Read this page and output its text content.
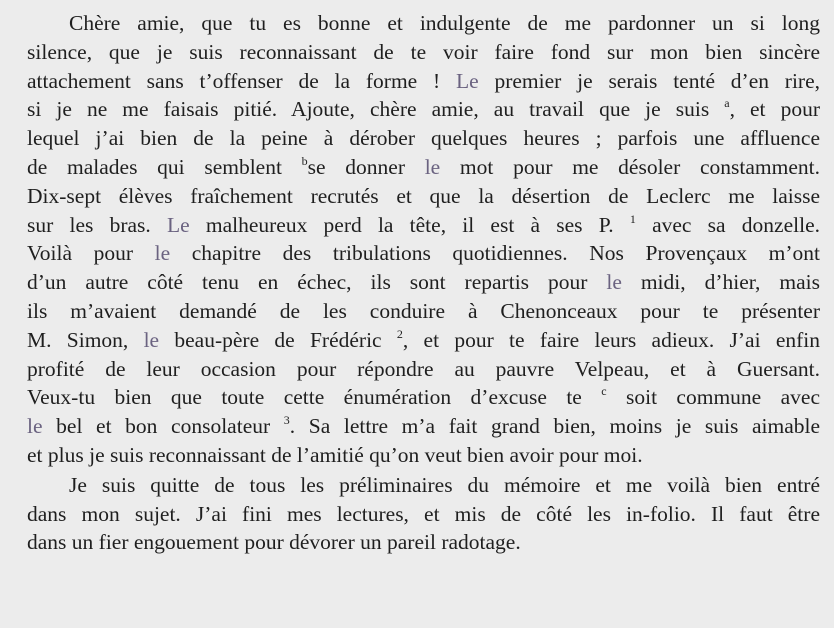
Chère amie, que tu es bonne et indulgente de me pardonner un si long
silence, que je suis reconnaissant de te voir faire fond sur mon bien sincère
attachement sans t’offenser de la forme ! Le premier je serais tenté d’en rire,
si je ne me faisais pitié. Ajoute, chère amie, au travail que je suis $^a$, et pour
lequel j’ai bien de la peine à dérober quelques heures ; parfois une affluence
de malades qui semblent $^b$se donner le mot pour me désoler constamment.
Dix-sept élèves fraîchement recrutés et que la désertion de Leclerc me laisse
sur les bras. Le malheureux perd la tête, il est à ses P. $^1$ avec sa donzelle.
Voilà pour le chapitre des tribulations quotidiennes. Nos Provençaux m’ont
d’un autre côté tenu en échec, ils sont repartis pour le midi, d’hier, mais
ils m’avaient demandé de les conduire à Chenonceaux pour te présenter
M. Simon, le beau-père de Frédéric $^2$, et pour te faire leurs adieux. J’ai enfin
profité de leur occasion pour répondre au pauvre Velpeau, et à Guersant.
Veux-tu bien que toute cette énumération d’excuse te $^c$ soit commune avec
le bel et bon consolateur $^3$. Sa lettre m’a fait grand bien, moins je suis aimable
et plus je suis reconnaissant de l’amitié qu’on veut bien avoir pour moi.

Je suis quitte de tous les préliminaires du mémoire et me voilà bien entré
dans mon sujet. J’ai fini mes lectures, et mis de côté les in-folio. Il faut être
dans un fier engouement pour dévorer un pareil radotage.
